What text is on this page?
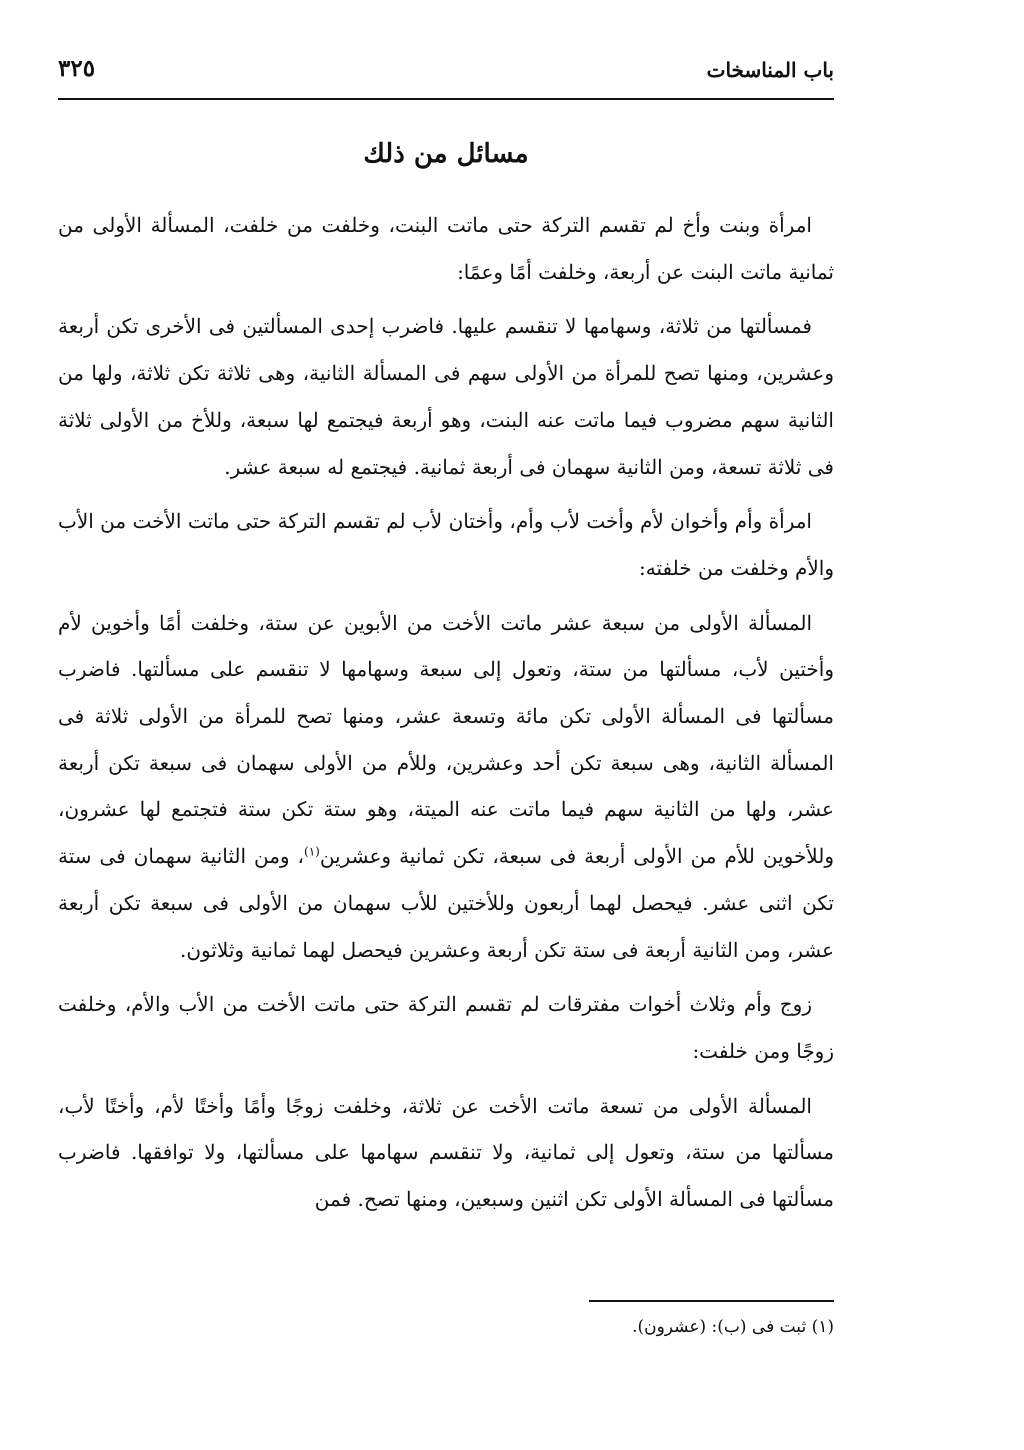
باب المناسخات
٣٢٥
مسائل من ذلك

امرأة وبنت وأخ لم تقسم التركة حتى ماتت البنت، وخلفت من خلفت، المسألة الأولى من ثمانية ماتت البنت عن أربعة، وخلفت أمًا وعمًا:

فمسألتها من ثلاثة، وسهامها لا تنقسم عليها. فاضرب إحدى المسألتين فى الأخرى تكن أربعة وعشرين، ومنها تصح للمرأة من الأولى سهم فى المسألة الثانية، وهى ثلاثة تكن ثلاثة، ولها من الثانية سهم مضروب فيما ماتت عنه البنت، وهو أربعة فيجتمع لها سبعة، وللأخ من الأولى ثلاثة فى ثلاثة تسعة، ومن الثانية سهمان فى أربعة ثمانية. فيجتمع له سبعة عشر.

امرأة وأم وأخوان لأم وأخت لأب وأم، وأختان لأب لم تقسم التركة حتى ماتت الأخت من الأب والأم وخلفت من خلفته:

المسألة الأولى من سبعة عشر ماتت الأخت من الأبوين عن ستة، وخلفت أمًا وأخوين لأم وأختين لأب، مسألتها من ستة، وتعول إلى سبعة وسهامها لا تنقسم على مسألتها. فاضرب مسألتها فى المسألة الأولى تكن مائة وتسعة عشر، ومنها تصح للمرأة من الأولى ثلاثة فى المسألة الثانية، وهى سبعة تكن أحد وعشرين، وللأم من الأولى سهمان فى سبعة تكن أربعة عشر، ولها من الثانية سهم فيما ماتت عنه الميتة، وهو ستة تكن ستة فتجتمع لها عشرون، وللأخوين للأم من الأولى أربعة فى سبعة، تكن ثمانية وعشرين$^{(١)}$، ومن الثانية سهمان فى ستة تكن اثنى عشر. فيحصل لهما أربعون وللأختين للأب سهمان من الأولى فى سبعة تكن أربعة عشر، ومن الثانية أربعة فى ستة تكن أربعة وعشرين فيحصل لهما ثمانية وثلاثون.

زوج وأم وثلاث أخوات مفترقات لم تقسم التركة حتى ماتت الأخت من الأب والأم، وخلفت زوجًا ومن خلفت:

المسألة الأولى من تسعة ماتت الأخت عن ثلاثة، وخلفت زوجًا وأمًا وأختًا لأم، وأختًا لأب، مسألتها من ستة، وتعول إلى ثمانية، ولا تنقسم سهامها على مسألتها، ولا توافقها. فاضرب مسألتها فى المسألة الأولى تكن اثنين وسبعين، ومنها تصح. فمن

(١) ثبت فى (ب): (عشرون).
